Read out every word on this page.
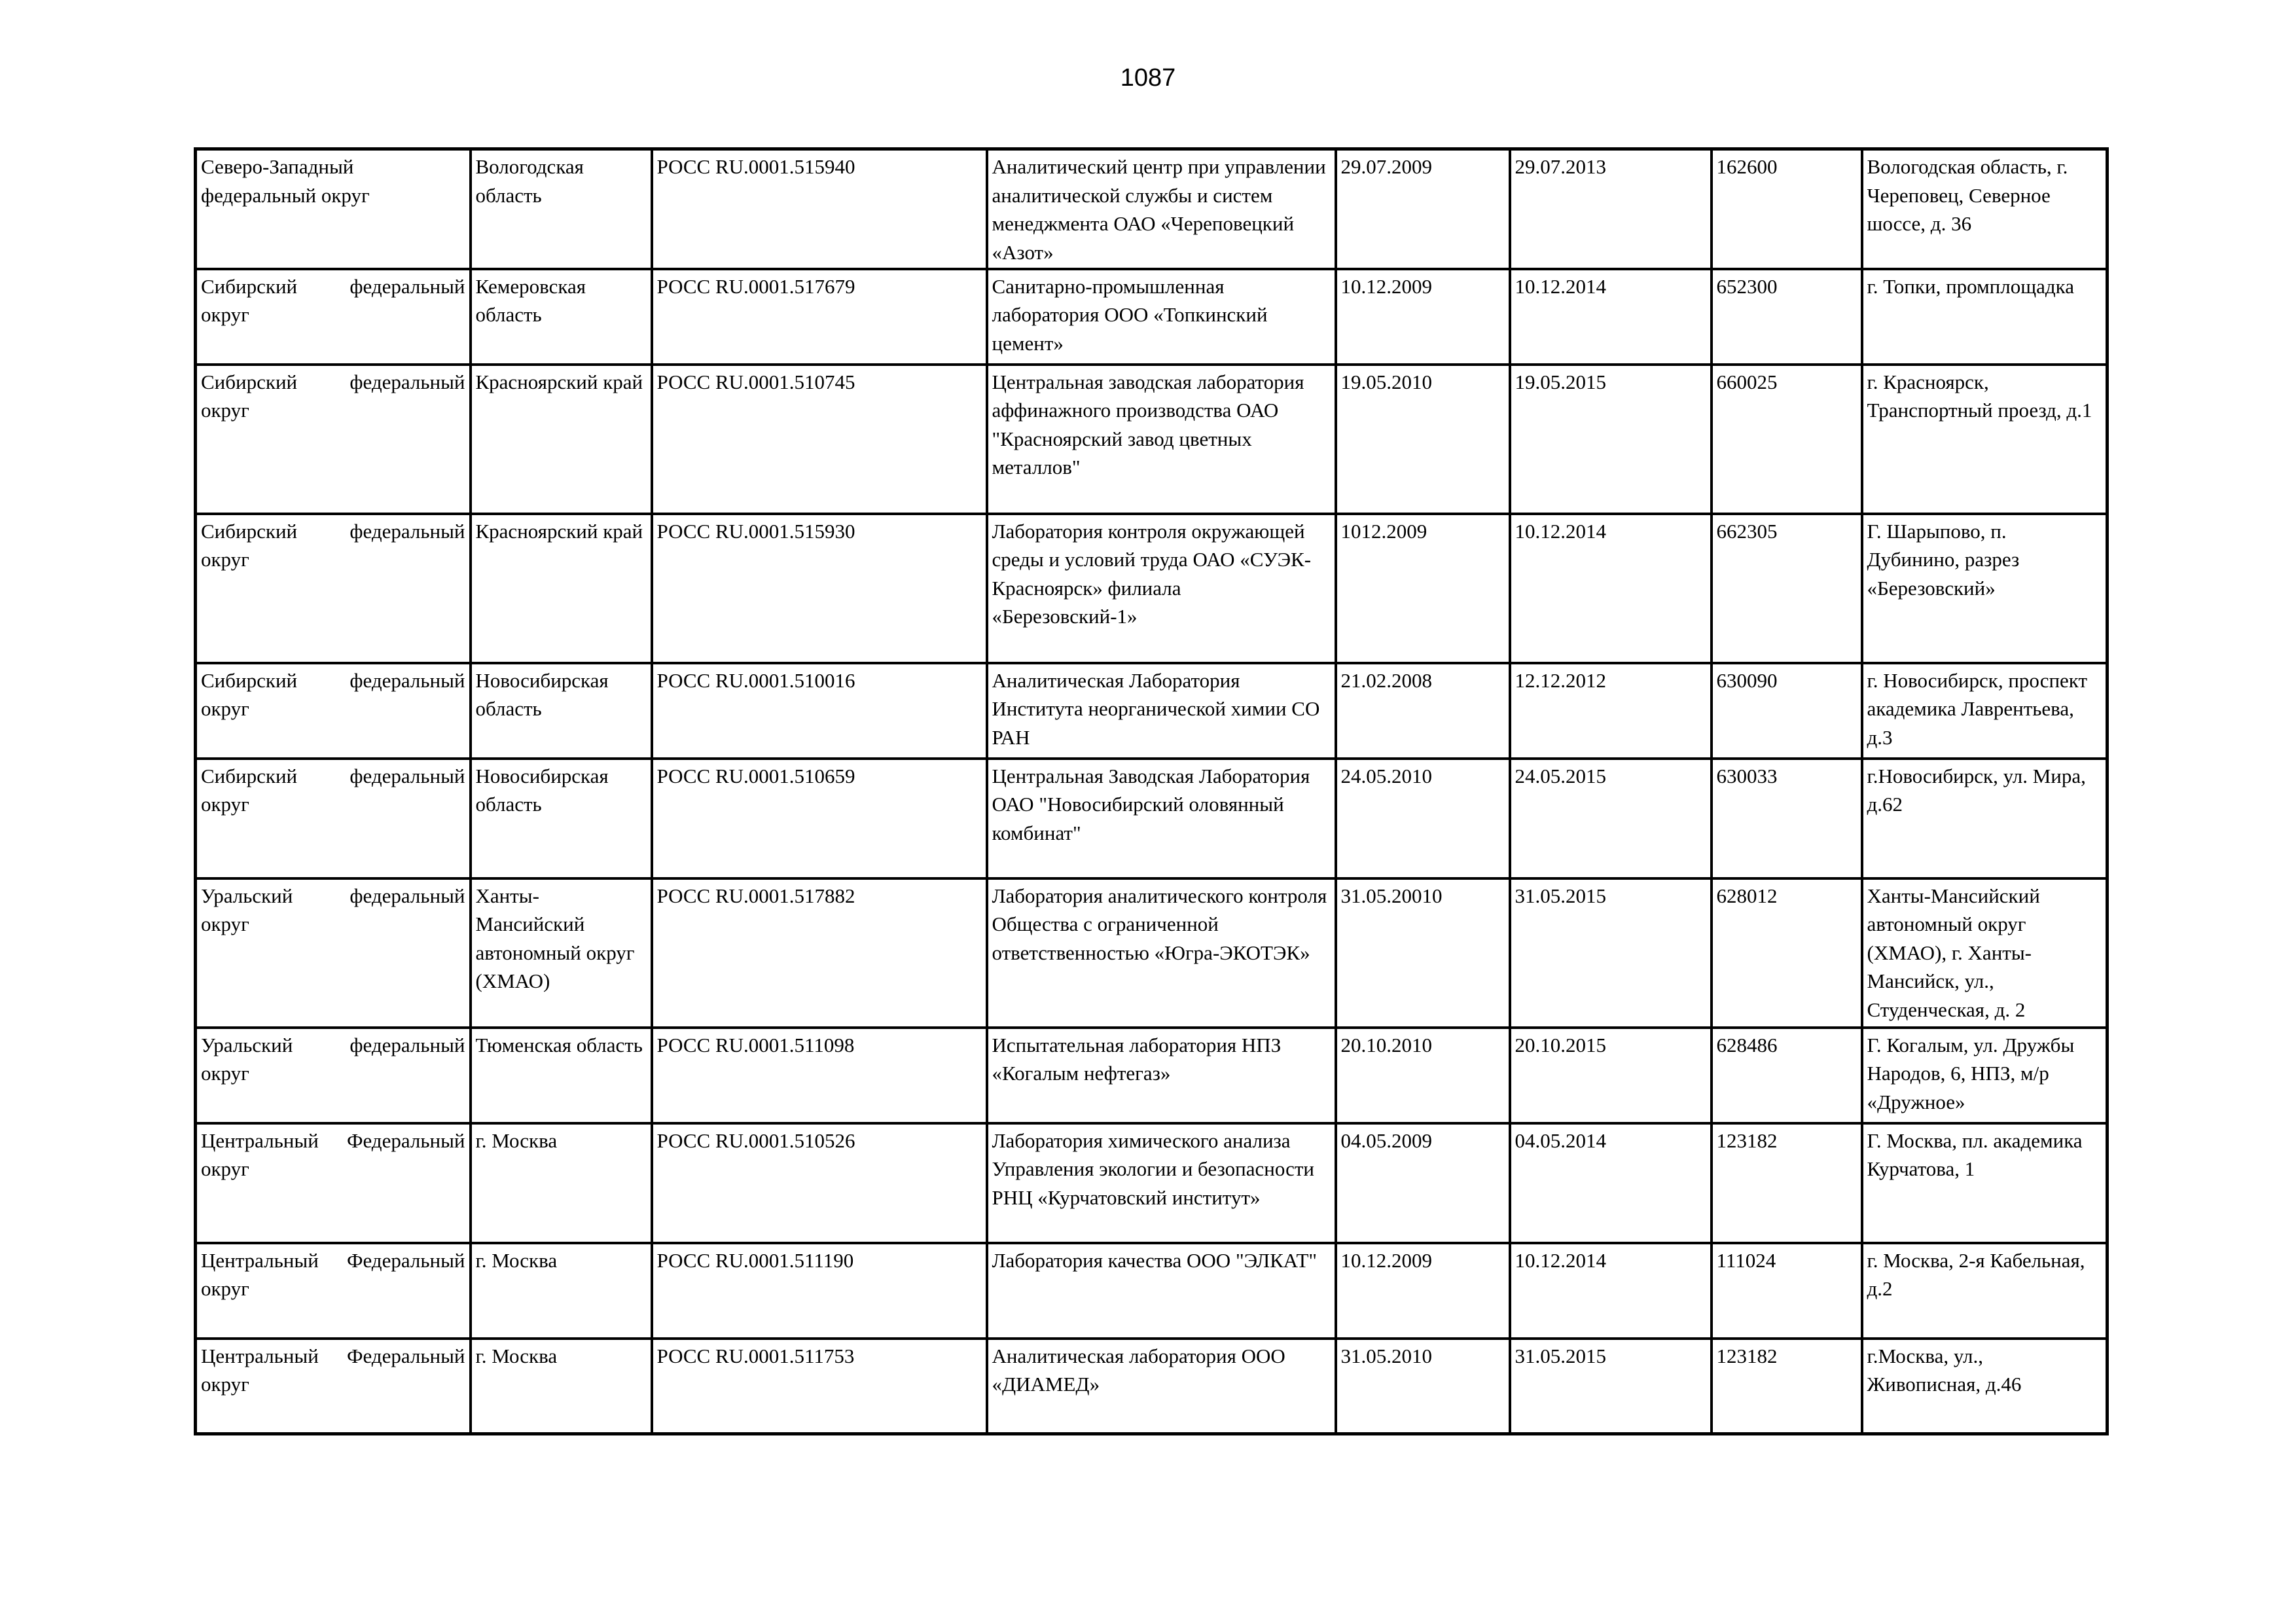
1087
Северо-Западный федеральный округ	Вологодская область	РОСС RU.0001.515940	Аналитический центр при управлении аналитической службы и систем менеджмента ОАО «Череповецкий «Азот»	29.07.2009	29.07.2013	162600	Вологодская область, г. Череповец, Северное шоссе, д. 36
Сибирский федеральный округ	Кемеровская область	РОСС RU.0001.517679	Санитарно-промышленная лаборатория ООО «Топкинский цемент»	10.12.2009	10.12.2014	652300	г. Топки, промплощадка
Сибирский федеральный округ	Красноярский край	РОСС RU.0001.510745	Центральная заводская лаборатория аффинажного производства ОАО "Красноярский завод цветных металлов"	19.05.2010	19.05.2015	660025	г. Красноярск, Транспортный проезд, д.1
Сибирский федеральный округ	Красноярский край	РОСС RU.0001.515930	Лаборатория контроля окружающей среды и условий труда ОАО «СУЭК-Красноярск» филиала «Березовский-1»	1012.2009	10.12.2014	662305	Г. Шарыпово, п. Дубинино, разрез «Березовский»
Сибирский федеральный округ	Новосибирская область	РОСС RU.0001.510016	Аналитическая Лаборатория Института неорганической химии СО РАН	21.02.2008	12.12.2012	630090	г. Новосибирск, проспект академика Лаврентьева, д.3
Сибирский федеральный округ	Новосибирская область	РОСС RU.0001.510659	Центральная Заводская Лаборатория ОАО "Новосибирский оловянный комбинат"	24.05.2010	24.05.2015	630033	г.Новосибирск, ул. Мира, д.62
Уральский федеральный округ	Ханты-Мансийский автономный округ (ХМАО)	РОСС RU.0001.517882	Лаборатория аналитического контроля Общества с ограниченной ответственностью «Югра-ЭКОТЭК»	31.05.20010	31.05.2015	628012	Ханты-Мансийский автономный округ (ХМАО), г. Ханты-Мансийск, ул., Студенческая, д. 2
Уральский федеральный округ	Тюменская область	РОСС RU.0001.511098	Испытательная лаборатория НПЗ «Когалым нефтегаз»	20.10.2010	20.10.2015	628486	Г. Когалым, ул. Дружбы Народов, 6, НПЗ, м/р «Дружное»
Центральный Федеральный округ	г. Москва	РОСС RU.0001.510526	Лаборатория химического анализа Управления экологии и безопасности РНЦ «Курчатовский институт»	04.05.2009	04.05.2014	123182	Г. Москва, пл. академика Курчатова, 1
Центральный Федеральный округ	г. Москва	РОСС RU.0001.511190	Лаборатория качества ООО "ЭЛКАТ"	10.12.2009	10.12.2014	111024	г. Москва, 2-я Кабельная, д.2
Центральный Федеральный округ	г. Москва	РОСС RU.0001.511753	Аналитическая лаборатория ООО «ДИАМЕД»	31.05.2010	31.05.2015	123182	г.Москва, ул., Живописная, д.46
